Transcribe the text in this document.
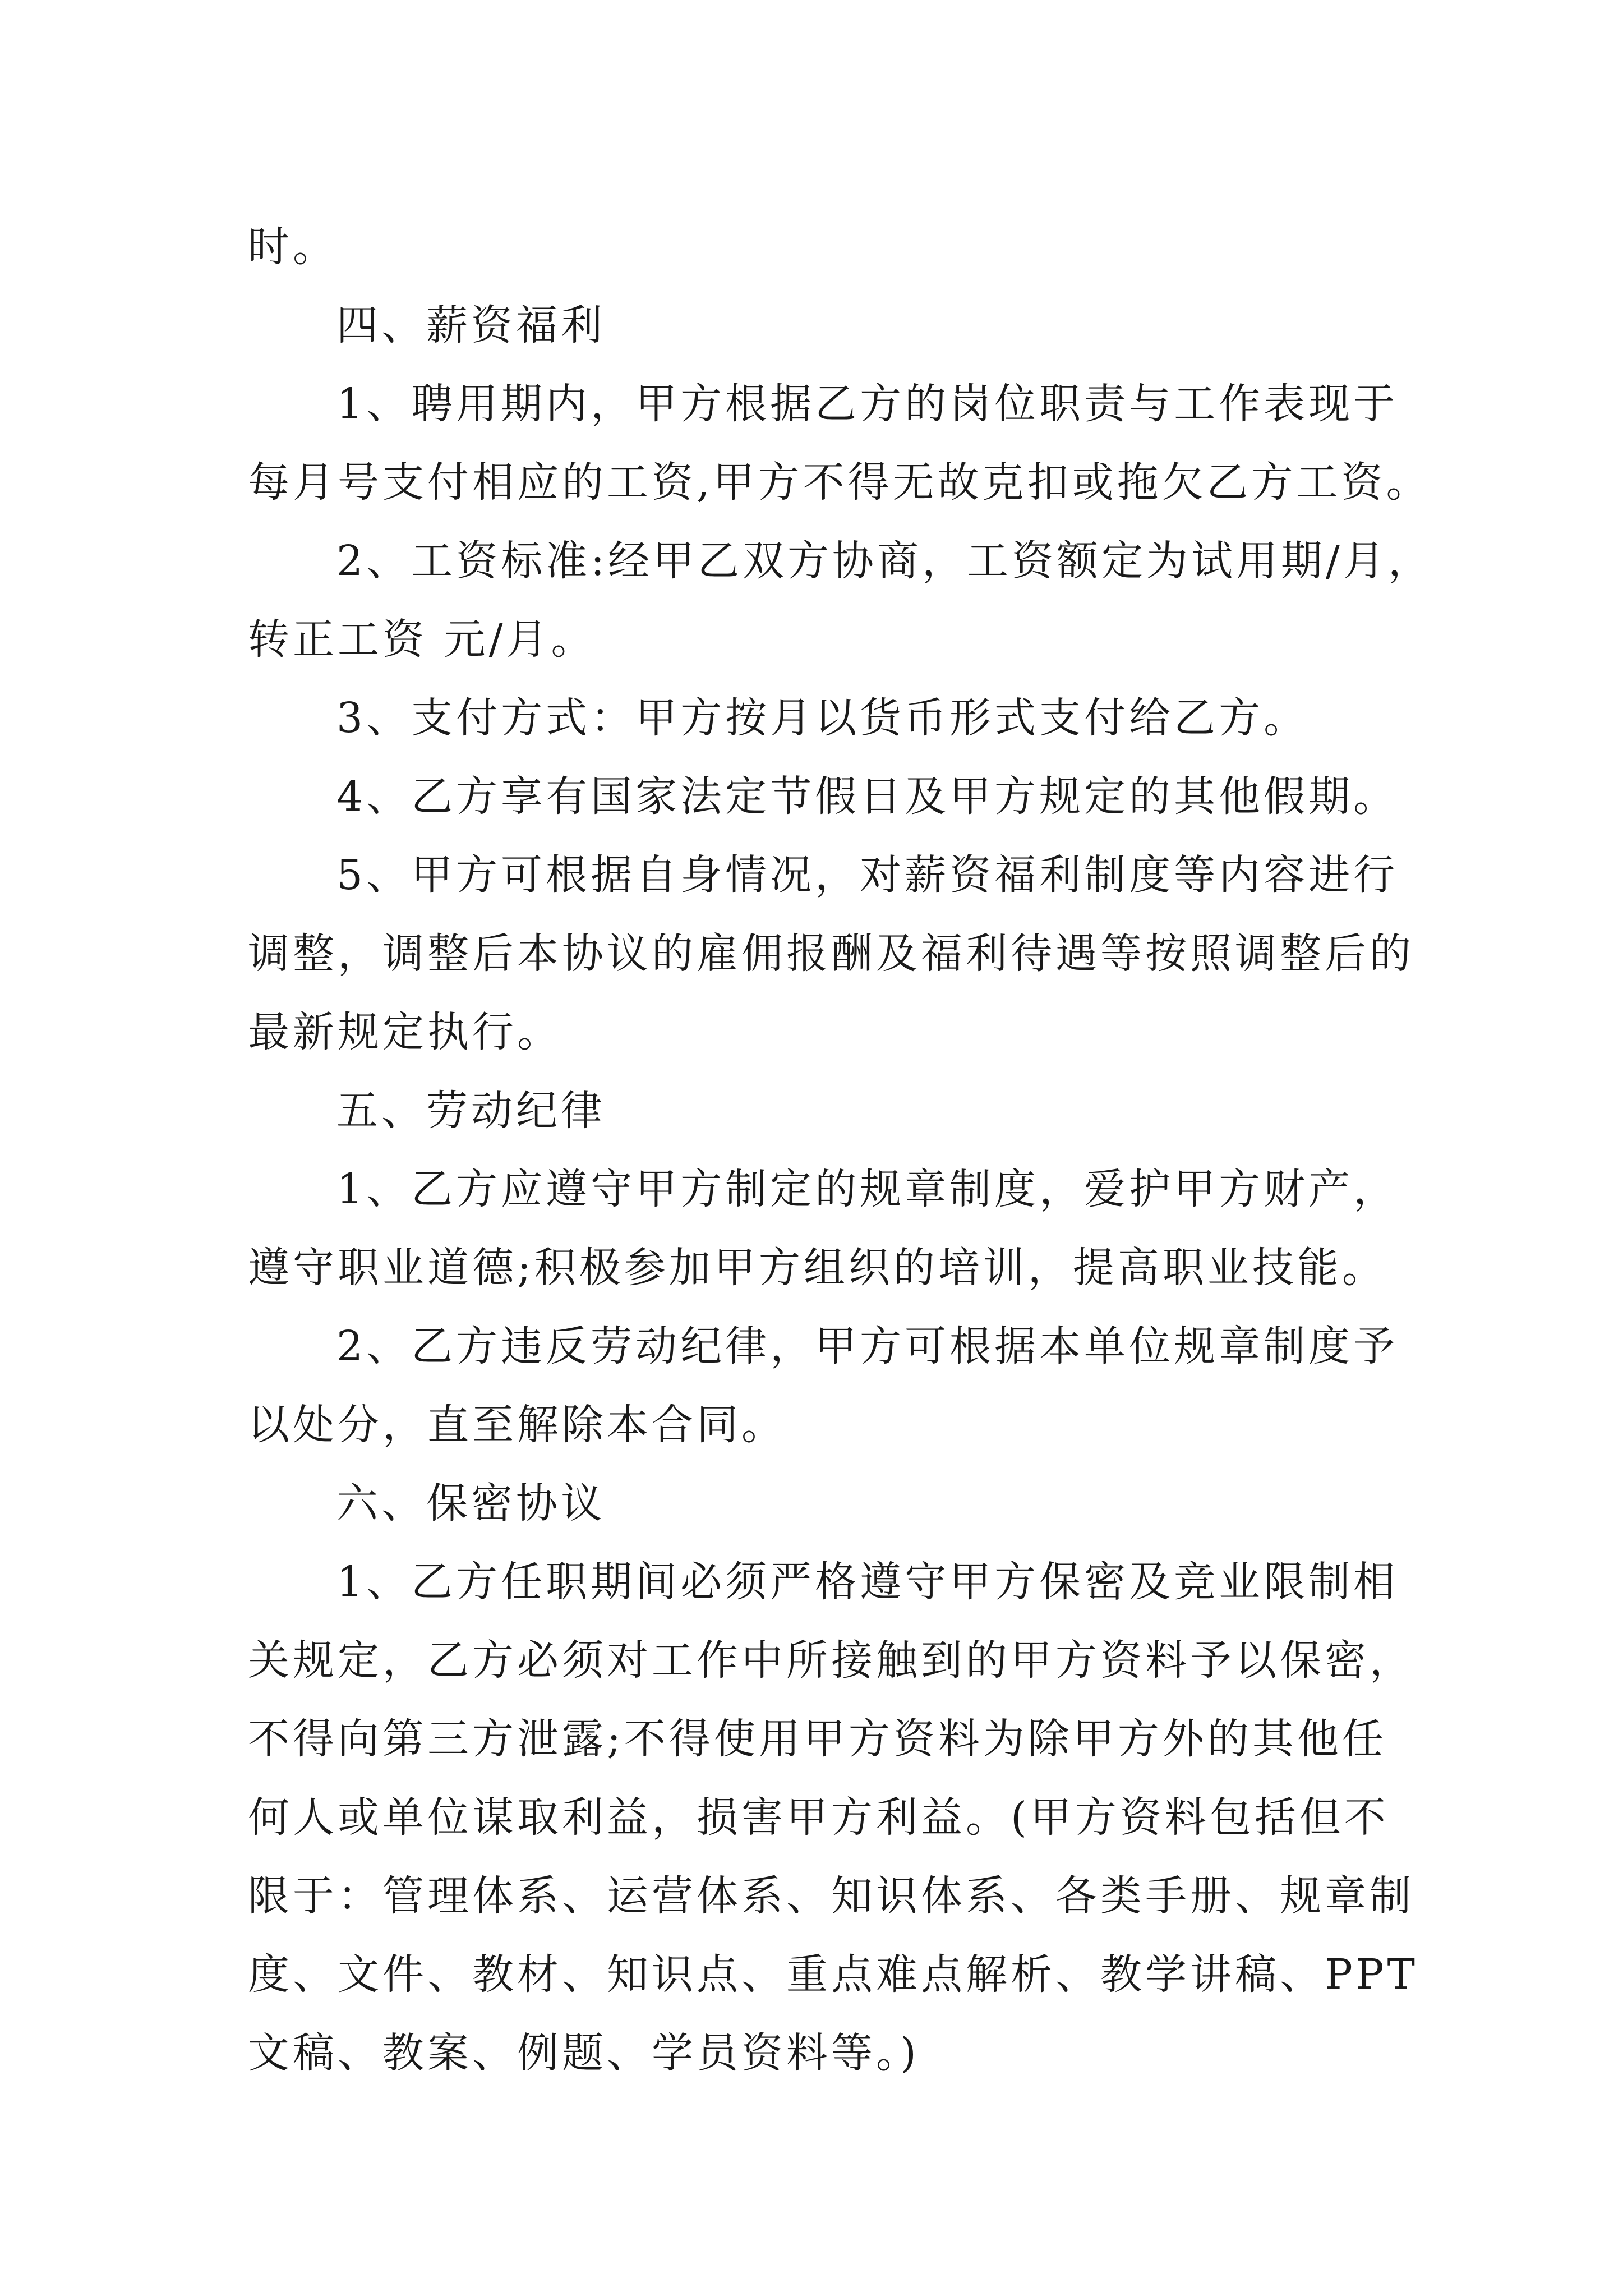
时。
四、薪资福利
1、聘用期内，甲方根据乙方的岗位职责与工作表现于
每月号支付相应的工资,甲方不得无故克扣或拖欠乙方工资。
2、工资标准:经甲乙双方协商，工资额定为试用期/月，
转正工资 元/月。
3、支付方式：甲方按月以货币形式支付给乙方。
4、乙方享有国家法定节假日及甲方规定的其他假期。
5、甲方可根据自身情况，对薪资福利制度等内容进行
调整，调整后本协议的雇佣报酬及福利待遇等按照调整后的
最新规定执行。
五、劳动纪律
1、乙方应遵守甲方制定的规章制度，爱护甲方财产，
遵守职业道德;积极参加甲方组织的培训，提高职业技能。
2、乙方违反劳动纪律，甲方可根据本单位规章制度予
以处分，直至解除本合同。
六、保密协议
1、乙方任职期间必须严格遵守甲方保密及竞业限制相
关规定，乙方必须对工作中所接触到的甲方资料予以保密，
不得向第三方泄露;不得使用甲方资料为除甲方外的其他任
何人或单位谋取利益，损害甲方利益。(甲方资料包括但不
限于：管理体系、运营体系、知识体系、各类手册、规章制
度、文件、教材、知识点、重点难点解析、教学讲稿、PPT
文稿、教案、例题、学员资料等。)
